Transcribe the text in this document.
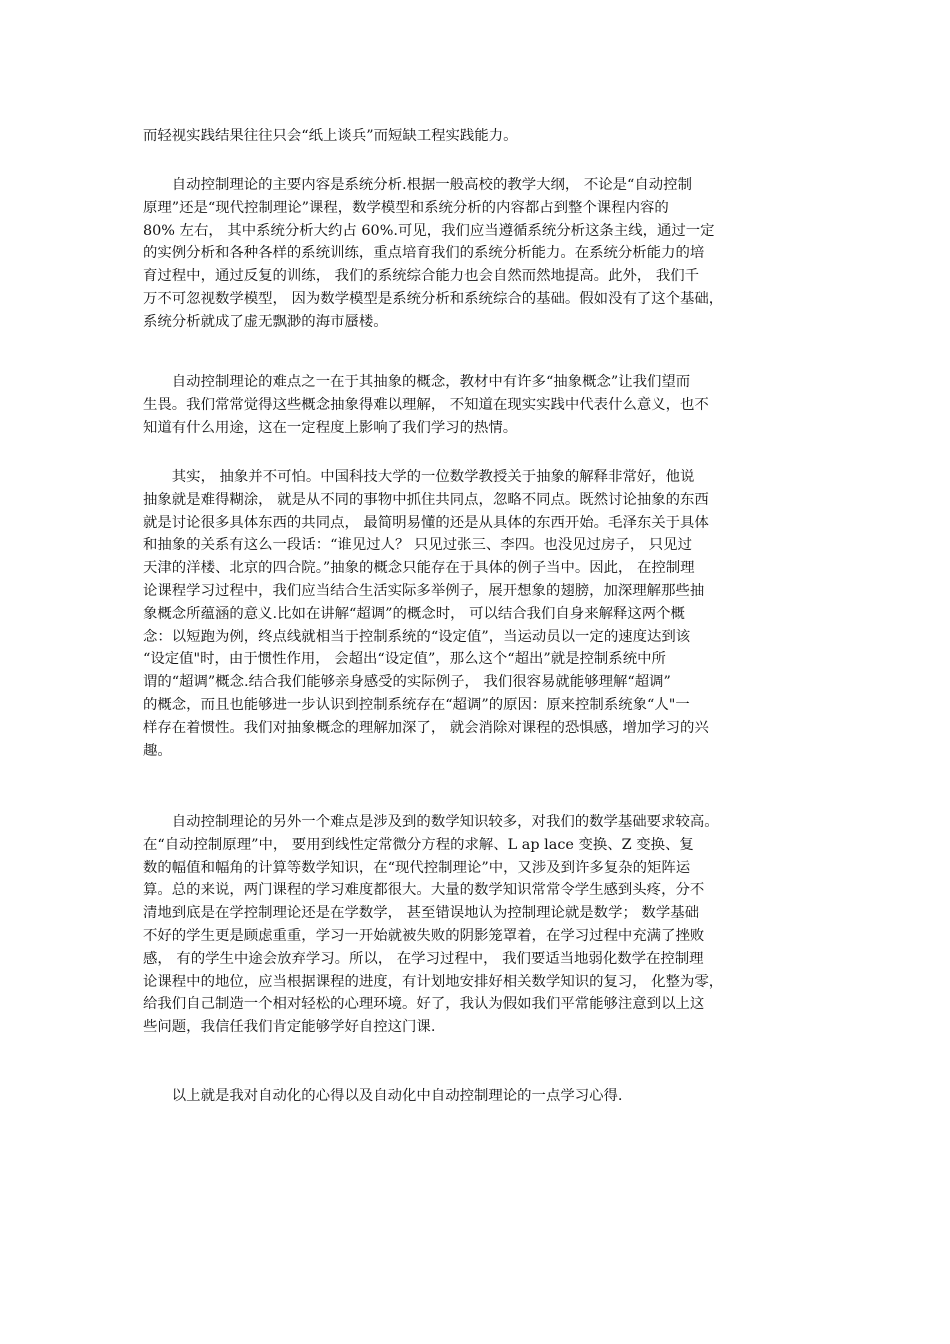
而轻视实践结果往往只会“纸上谈兵”而短缺工程实践能力。
　　自动控制理论的主要内容是系统分析.根据一般高校的教学大纲， 不论是“自动控制
原理”还是“现代控制理论”课程，数学模型和系统分析的内容都占到整个课程内容的
80% 左右， 其中系统分析大约占 60%.可见，我们应当遵循系统分析这条主线，通过一定
的实例分析和各种各样的系统训练，重点培育我们的系统分析能力。在系统分析能力的培
育过程中，通过反复的训练， 我们的系统综合能力也会自然而然地提高。此外， 我们千
万不可忽视数学模型， 因为数学模型是系统分析和系统综合的基础。假如没有了这个基础，
系统分析就成了虚无飘渺的海市蜃楼。
　　自动控制理论的难点之一在于其抽象的概念，教材中有许多“抽象概念”让我们望而
生畏。我们常常觉得这些概念抽象得难以理解， 不知道在现实实践中代表什么意义，也不
知道有什么用途，这在一定程度上影响了我们学习的热情。
　　其实， 抽象并不可怕。中国科技大学的一位数学教授关于抽象的解释非常好，他说
抽象就是难得糊涂， 就是从不同的事物中抓住共同点，忽略不同点。既然讨论抽象的东西
就是讨论很多具体东西的共同点， 最简明易懂的还是从具体的东西开始。毛泽东关于具体
和抽象的关系有这么一段话：“谁见过人？ 只见过张三、李四。也没见过房子， 只见过
天津的洋楼、北京的四合院。”抽象的概念只能存在于具体的例子当中。因此， 在控制理
论课程学习过程中，我们应当结合生活实际多举例子，展开想象的翅膀，加深理解那些抽
象概念所蕴涵的意义.比如在讲解“超调”的概念时， 可以结合我们自身来解释这两个概
念：以短跑为例，终点线就相当于控制系统的“设定值”，当运动员以一定的速度达到该
“设定值"时，由于惯性作用， 会超出“设定值”，那么这个“超出”就是控制系统中所
谓的“超调”概念.结合我们能够亲身感受的实际例子， 我们很容易就能够理解“超调”
的概念，而且也能够进一步认识到控制系统存在“超调”的原因：原来控制系统象“人"一
样存在着惯性。我们对抽象概念的理解加深了， 就会消除对课程的恐惧感，增加学习的兴
趣。
　　自动控制理论的另外一个难点是涉及到的数学知识较多，对我们的数学基础要求较高。
在“自动控制原理”中， 要用到线性定常微分方程的求解、L ap lace 变换、Z 变换、复
数的幅值和幅角的计算等数学知识，在“现代控制理论”中，又涉及到许多复杂的矩阵运
算。总的来说，两门课程的学习难度都很大。大量的数学知识常常令学生感到头疼，分不
清地到底是在学控制理论还是在学数学， 甚至错误地认为控制理论就是数学； 数学基础
不好的学生更是顾虑重重，学习一开始就被失败的阴影笼罩着，在学习过程中充满了挫败
感， 有的学生中途会放弃学习。所以， 在学习过程中， 我们要适当地弱化数学在控制理
论课程中的地位，应当根据课程的进度，有计划地安排好相关数学知识的复习， 化整为零，
给我们自己制造一个相对轻松的心理环境。好了，我认为假如我们平常能够注意到以上这
些问题，我信任我们肯定能够学好自控这门课.
　　以上就是我对自动化的心得以及自动化中自动控制理论的一点学习心得.
